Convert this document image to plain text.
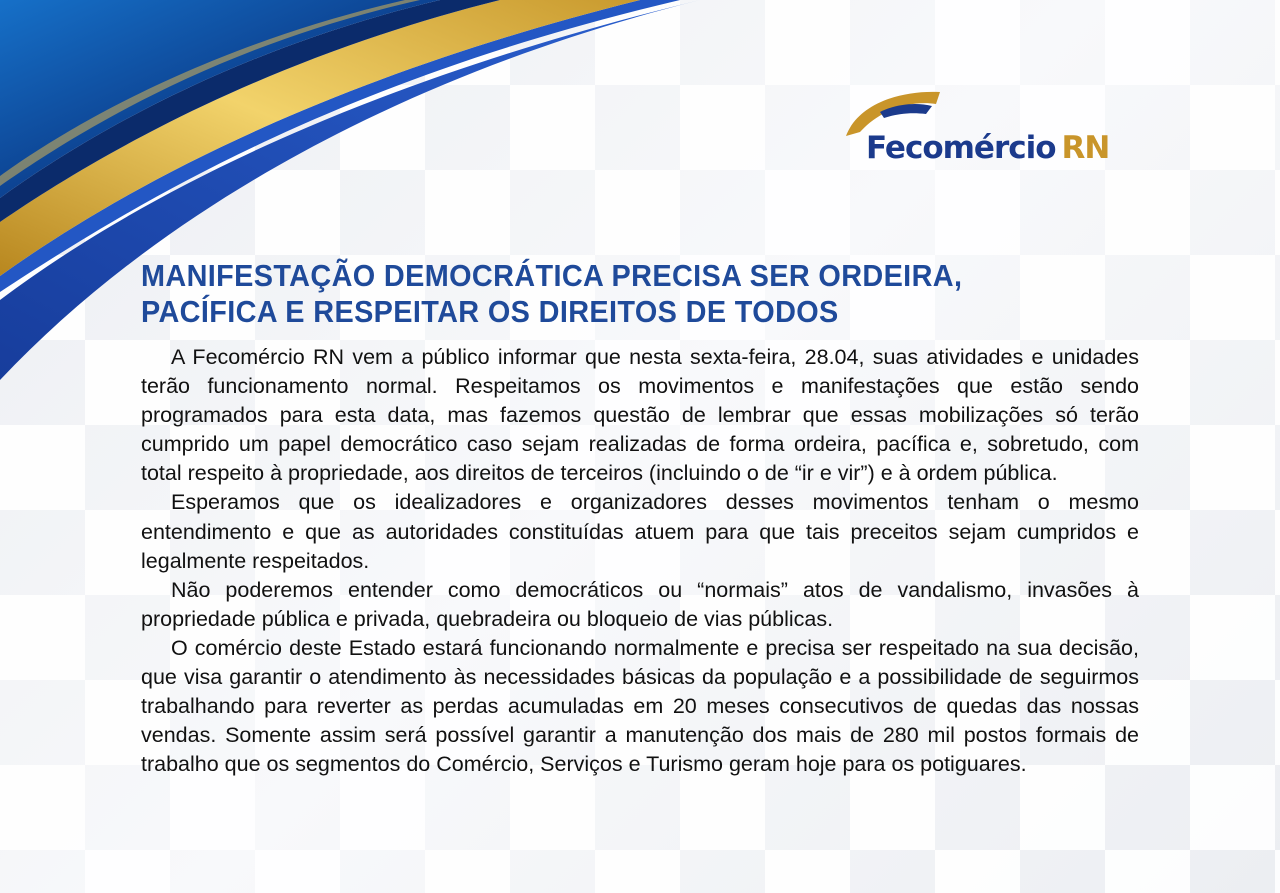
Fecomércio RN
MANIFESTAÇÃO DEMOCRÁTICA PRECISA SER ORDEIRA,
PACÍFICA E RESPEITAR OS DIREITOS DE TODOS

A Fecomércio RN vem a público informar que nesta sexta-feira, 28.04, suas atividades e unidades terão funcionamento normal. Respeitamos os movimentos e manifestações que estão sendo programados para esta data, mas fazemos questão de lembrar que essas mobilizações só terão cumprido um papel democrático caso sejam realizadas de forma ordeira, pacífica e, sobretudo, com total respeito à propriedade, aos direitos de terceiros (incluindo o de “ir e vir”) e à ordem pública.

Esperamos que os idealizadores e organizadores desses movimentos tenham o mesmo entendimento e que as autoridades constituídas atuem para que tais preceitos sejam cumpridos e legalmente respeitados.

Não poderemos entender como democráticos ou “normais” atos de vandalismo, invasões à propriedade pública e privada, quebradeira ou bloqueio de vias públicas.

O comércio deste Estado estará funcionando normalmente e precisa ser respeitado na sua decisão, que visa garantir o atendimento às necessidades básicas da população e a possibilidade de seguirmos trabalhando para reverter as perdas acumuladas em 20 meses consecutivos de quedas das nossas vendas. Somente assim será possível garantir a manutenção dos mais de 280 mil postos formais de trabalho que os segmentos do Comércio, Serviços e Turismo geram hoje para os potiguares.
